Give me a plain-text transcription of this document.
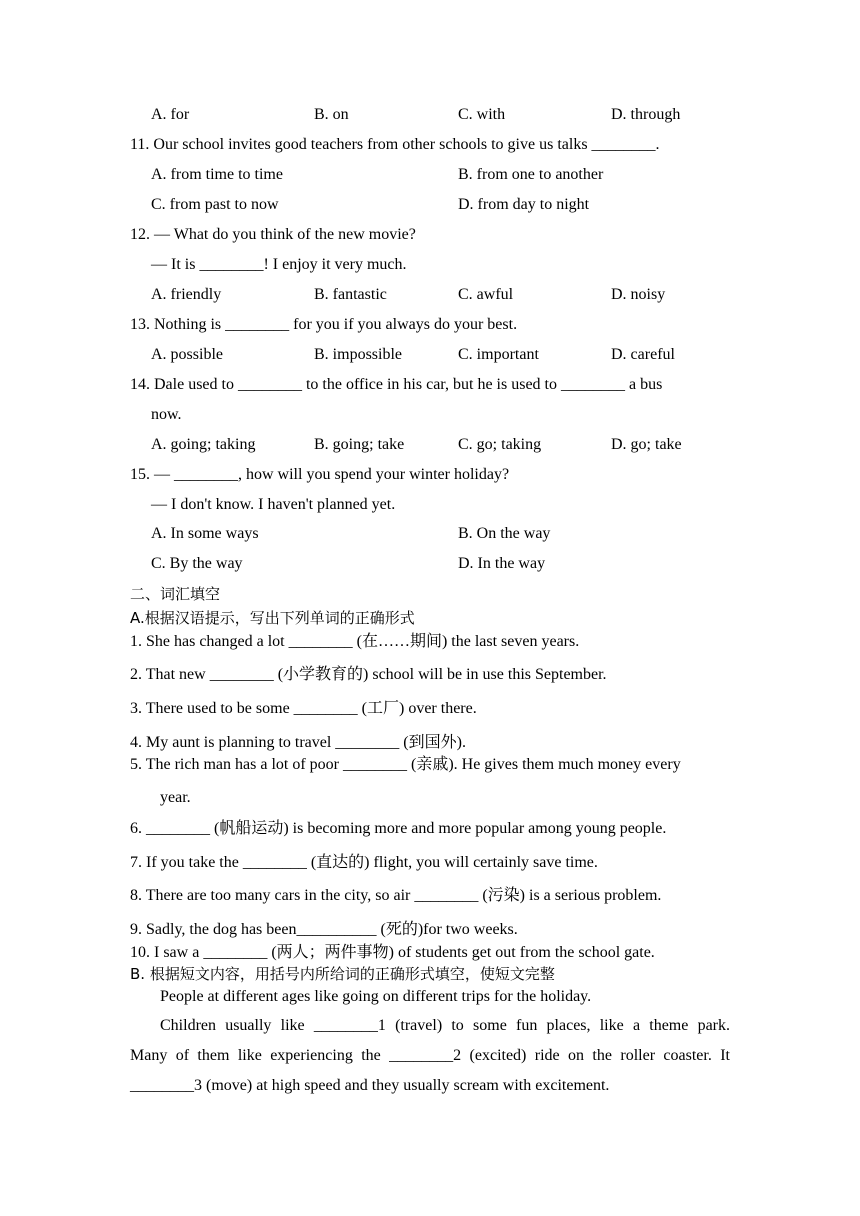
A. for	B. on	C. with	D. through
11. Our school invites good teachers from other schools to give us talks ________.
A. from time to time	B. from one to another
C. from past to now	D. from day to night
12. — What do you think of the new movie?
— It is ________! I enjoy it very much.
A. friendly	B. fantastic	C. awful	D. noisy
13. Nothing is ________ for you if you always do your best.
A. possible	B. impossible	C. important	D. careful
14. Dale used to ________ to the office in his car, but he is used to ________ a bus
now.
A. going; taking	B. going; take	C. go; taking	D. go; take
15. — ________, how will you spend your winter holiday?
— I don't know. I haven't planned yet.
A. In some ways	B. On the way
C. By the way	D. In the way
二、词汇填空
A.根据汉语提示，写出下列单词的正确形式
1. She has changed a lot ________ (在……期间) the last seven years.
2. That new ________ (小学教育的) school will be in use this September.
3. There used to be some ________ (工厂) over there.
4. My aunt is planning to travel ________ (到国外).
5. The rich man has a lot of poor ________ (亲戚). He gives them much money every
year.
6. ________ (帆船运动) is becoming more and more popular among young people.
7. If you take the ________ (直达的) flight, you will certainly save time.
8. There are too many cars in the city, so air ________ (污染) is a serious problem.
9. Sadly, the dog has been__________ (死的)for two weeks.
10. I saw a ________ (两人；两件事物) of students get out from the school gate.
B. 根据短文内容，用括号内所给词的正确形式填空，使短文完整
People at different ages like going on different trips for the holiday.
Children usually like ________1 (travel) to some fun places, like a theme park.
Many of them like experiencing the ________2 (excited) ride on the roller coaster. It
________3 (move) at high speed and they usually scream with excitement.
